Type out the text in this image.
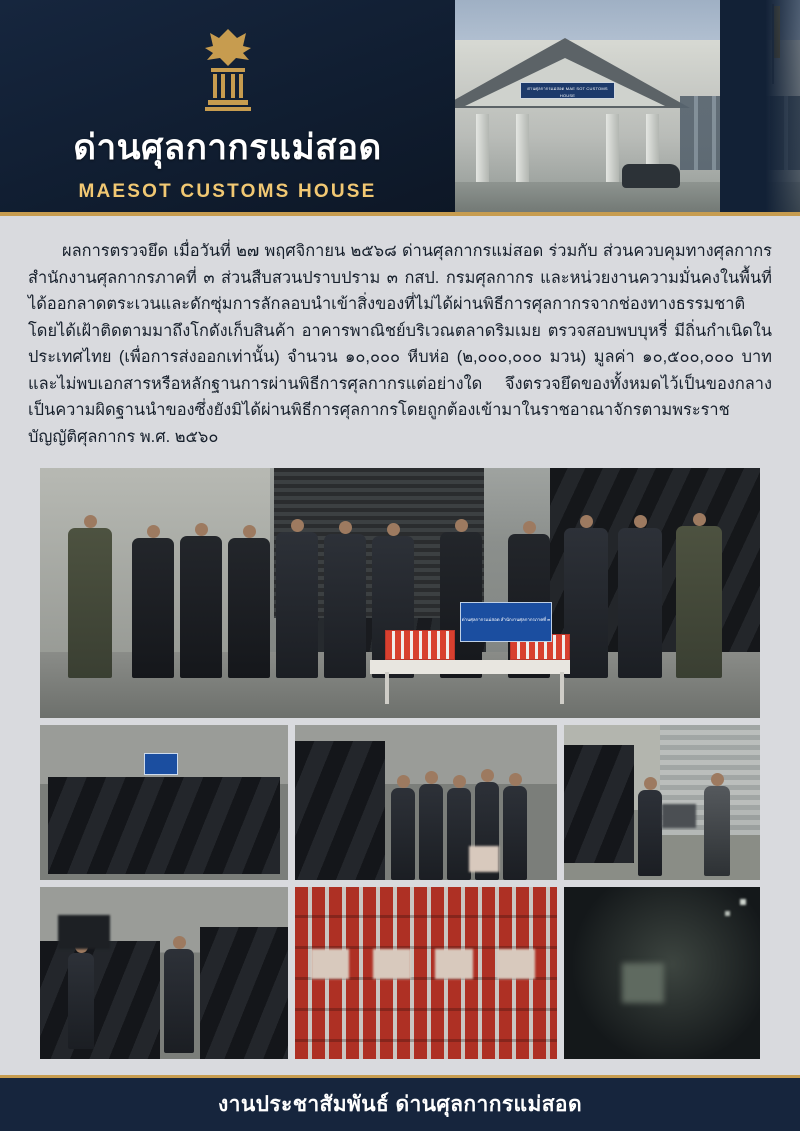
ด่านศุลกากรแม่สอด MAE SOT CUSTOMS HOUSE
ด่านศุลกากรแม่สอด
MAESOT CUSTOMS HOUSE

ผลการตรวจยึด เมื่อวันที่ ๒๗ พฤศจิกายน ๒๕๖๘ ด่านศุลกากรแม่สอด ร่วมกับ ส่วนควบคุมทางศุลกากร สำนักงานศุลกากรภาคที่ ๓ ส่วนสืบสวนปราบปราม ๓ กสป. กรมศุลกากร และหน่วยงานความมั่นคงในพื้นที่ ได้ออกลาดตระเวนและดักซุ่มการลักลอบนำเข้าสิ่งของที่ไม่ได้ผ่านพิธีการศุลกากรจากช่องทางธรรมชาติโดยได้เฝ้าติดตามมาถึงโกดังเก็บสินค้า อาคารพาณิชย์บริเวณตลาดริมเมย ตรวจสอบพบบุหรี่ มีถิ่นกำเนิดในประเทศไทย (เพื่อการส่งออกเท่านั้น) จำนวน ๑๐,๐๐๐ หีบห่อ (๒,๐๐๐,๐๐๐ มวน) มูลค่า ๑๐,๕๐๐,๐๐๐ บาท และไม่พบเอกสารหรือหลักฐานการผ่านพิธีการศุลกากรแต่อย่างใด จึงตรวจยึดของทั้งหมดไว้เป็นของกลางเป็นความผิดฐานนำของซึ่งยังมิได้ผ่านพิธีการศุลกากรโดยถูกต้องเข้ามาในราชอาณาจักรตามพระราชบัญญัติศุลกากร พ.ศ. ๒๕๖๐

ด่านศุลกากรแม่สอด สำนักงานศุลกากรภาคที่ ๓
งานประชาสัมพันธ์ ด่านศุลกากรแม่สอด
